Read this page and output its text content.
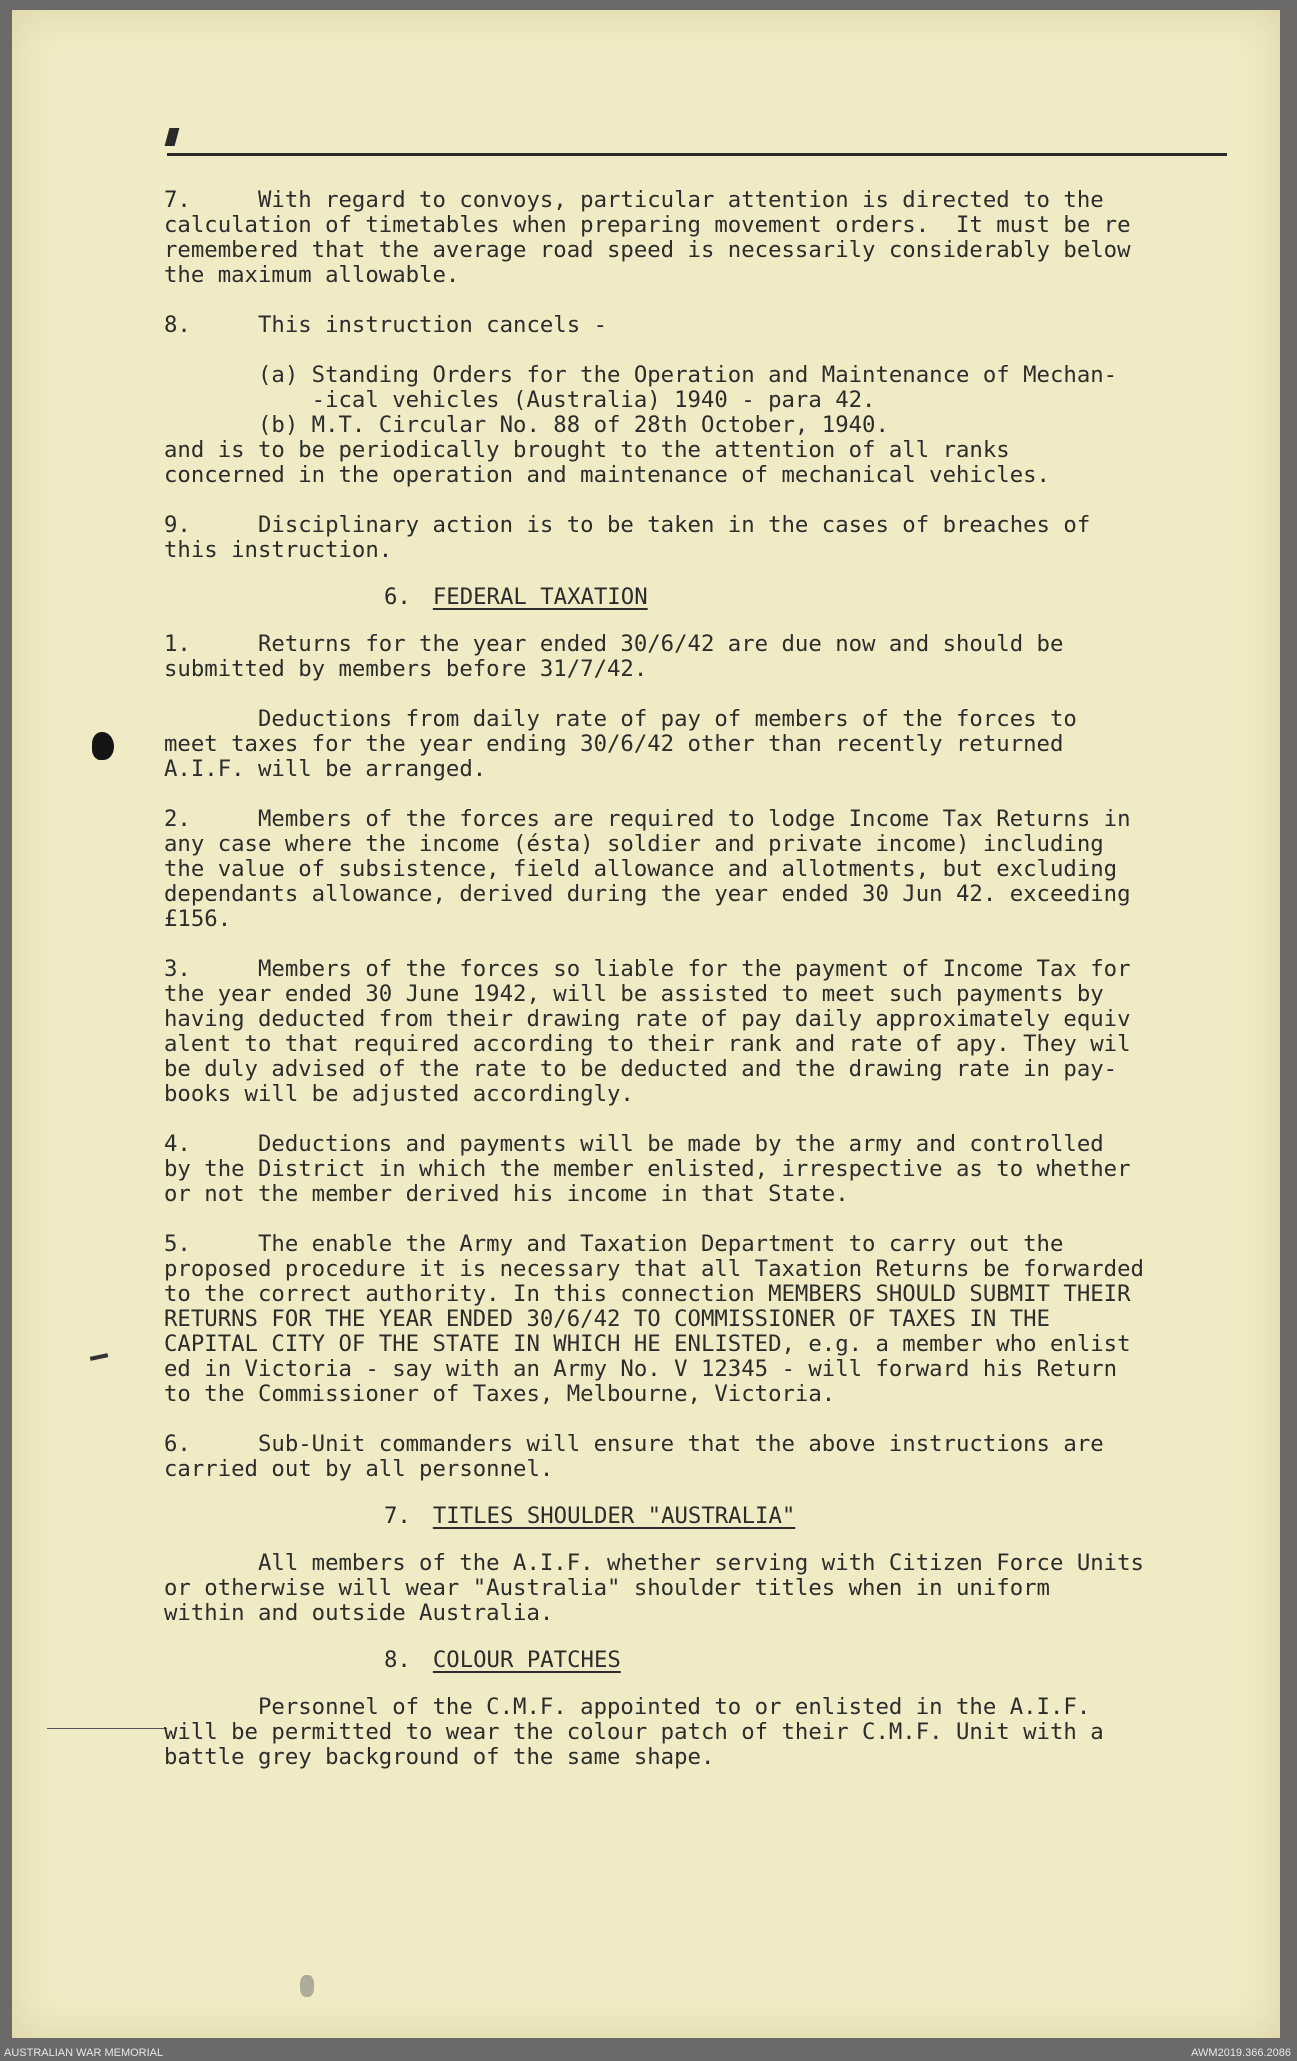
7.     With regard to convoys, particular attention is directed to the

calculation of timetables when preparing movement orders.  It must be re

remembered that the average road speed is necessarily considerably below

the maximum allowable.

8.     This instruction cancels -

(a) Standing Orders for the Operation and Maintenance of Mechan-

-ical vehicles (Australia) 1940 - para 42.

(b) M.T. Circular No. 88 of 28th October, 1940.

and is to be periodically brought to the attention of all ranks

concerned in the operation and maintenance of mechanical vehicles.

9.     Disciplinary action is to be taken in the cases of breaches of

this instruction.

6. FEDERAL TAXATION

1.     Returns for the year ended 30/6/42 are due now and should be

submitted by members before 31/7/42.

Deductions from daily rate of pay of members of the forces to

meet taxes for the year ending 30/6/42 other than recently returned

A.I.F. will be arranged.

2.     Members of the forces are required to lodge Income Tax Returns in

any case where the income (ésta) soldier and private income) including

the value of subsistence, field allowance and allotments, but excluding

dependants allowance, derived during the year ended 30 Jun 42. exceeding

£156.

3.     Members of the forces so liable for the payment of Income Tax for

the year ended 30 June 1942, will be assisted to meet such payments by

having deducted from their drawing rate of pay daily approximately equiv

alent to that required according to their rank and rate of apy. They wil

be duly advised of the rate to be deducted and the drawing rate in pay-

books will be adjusted accordingly.

4.     Deductions and payments will be made by the army and controlled

by the District in which the member enlisted, irrespective as to whether

or not the member derived his income in that State.

5.     The enable the Army and Taxation Department to carry out the

proposed procedure it is necessary that all Taxation Returns be forwarded

to the correct authority. In this connection MEMBERS SHOULD SUBMIT THEIR

RETURNS FOR THE YEAR ENDED 30/6/42 TO COMMISSIONER OF TAXES IN THE

CAPITAL CITY OF THE STATE IN WHICH HE ENLISTED, e.g. a member who enlist

ed in Victoria - say with an Army No. V 12345 - will forward his Return

to the Commissioner of Taxes, Melbourne, Victoria.

6.     Sub-Unit commanders will ensure that the above instructions are

carried out by all personnel.

7. TITLES SHOULDER "AUSTRALIA"

All members of the A.I.F. whether serving with Citizen Force Units

or otherwise will wear "Australia" shoulder titles when in uniform

within and outside Australia.

8. COLOUR PATCHES

Personnel of the C.M.F. appointed to or enlisted in the A.I.F.

will be permitted to wear the colour patch of their C.M.F. Unit with a

battle grey background of the same shape.

AUSTRALIAN WAR MEMORIAL	AWM2019.366.2086
